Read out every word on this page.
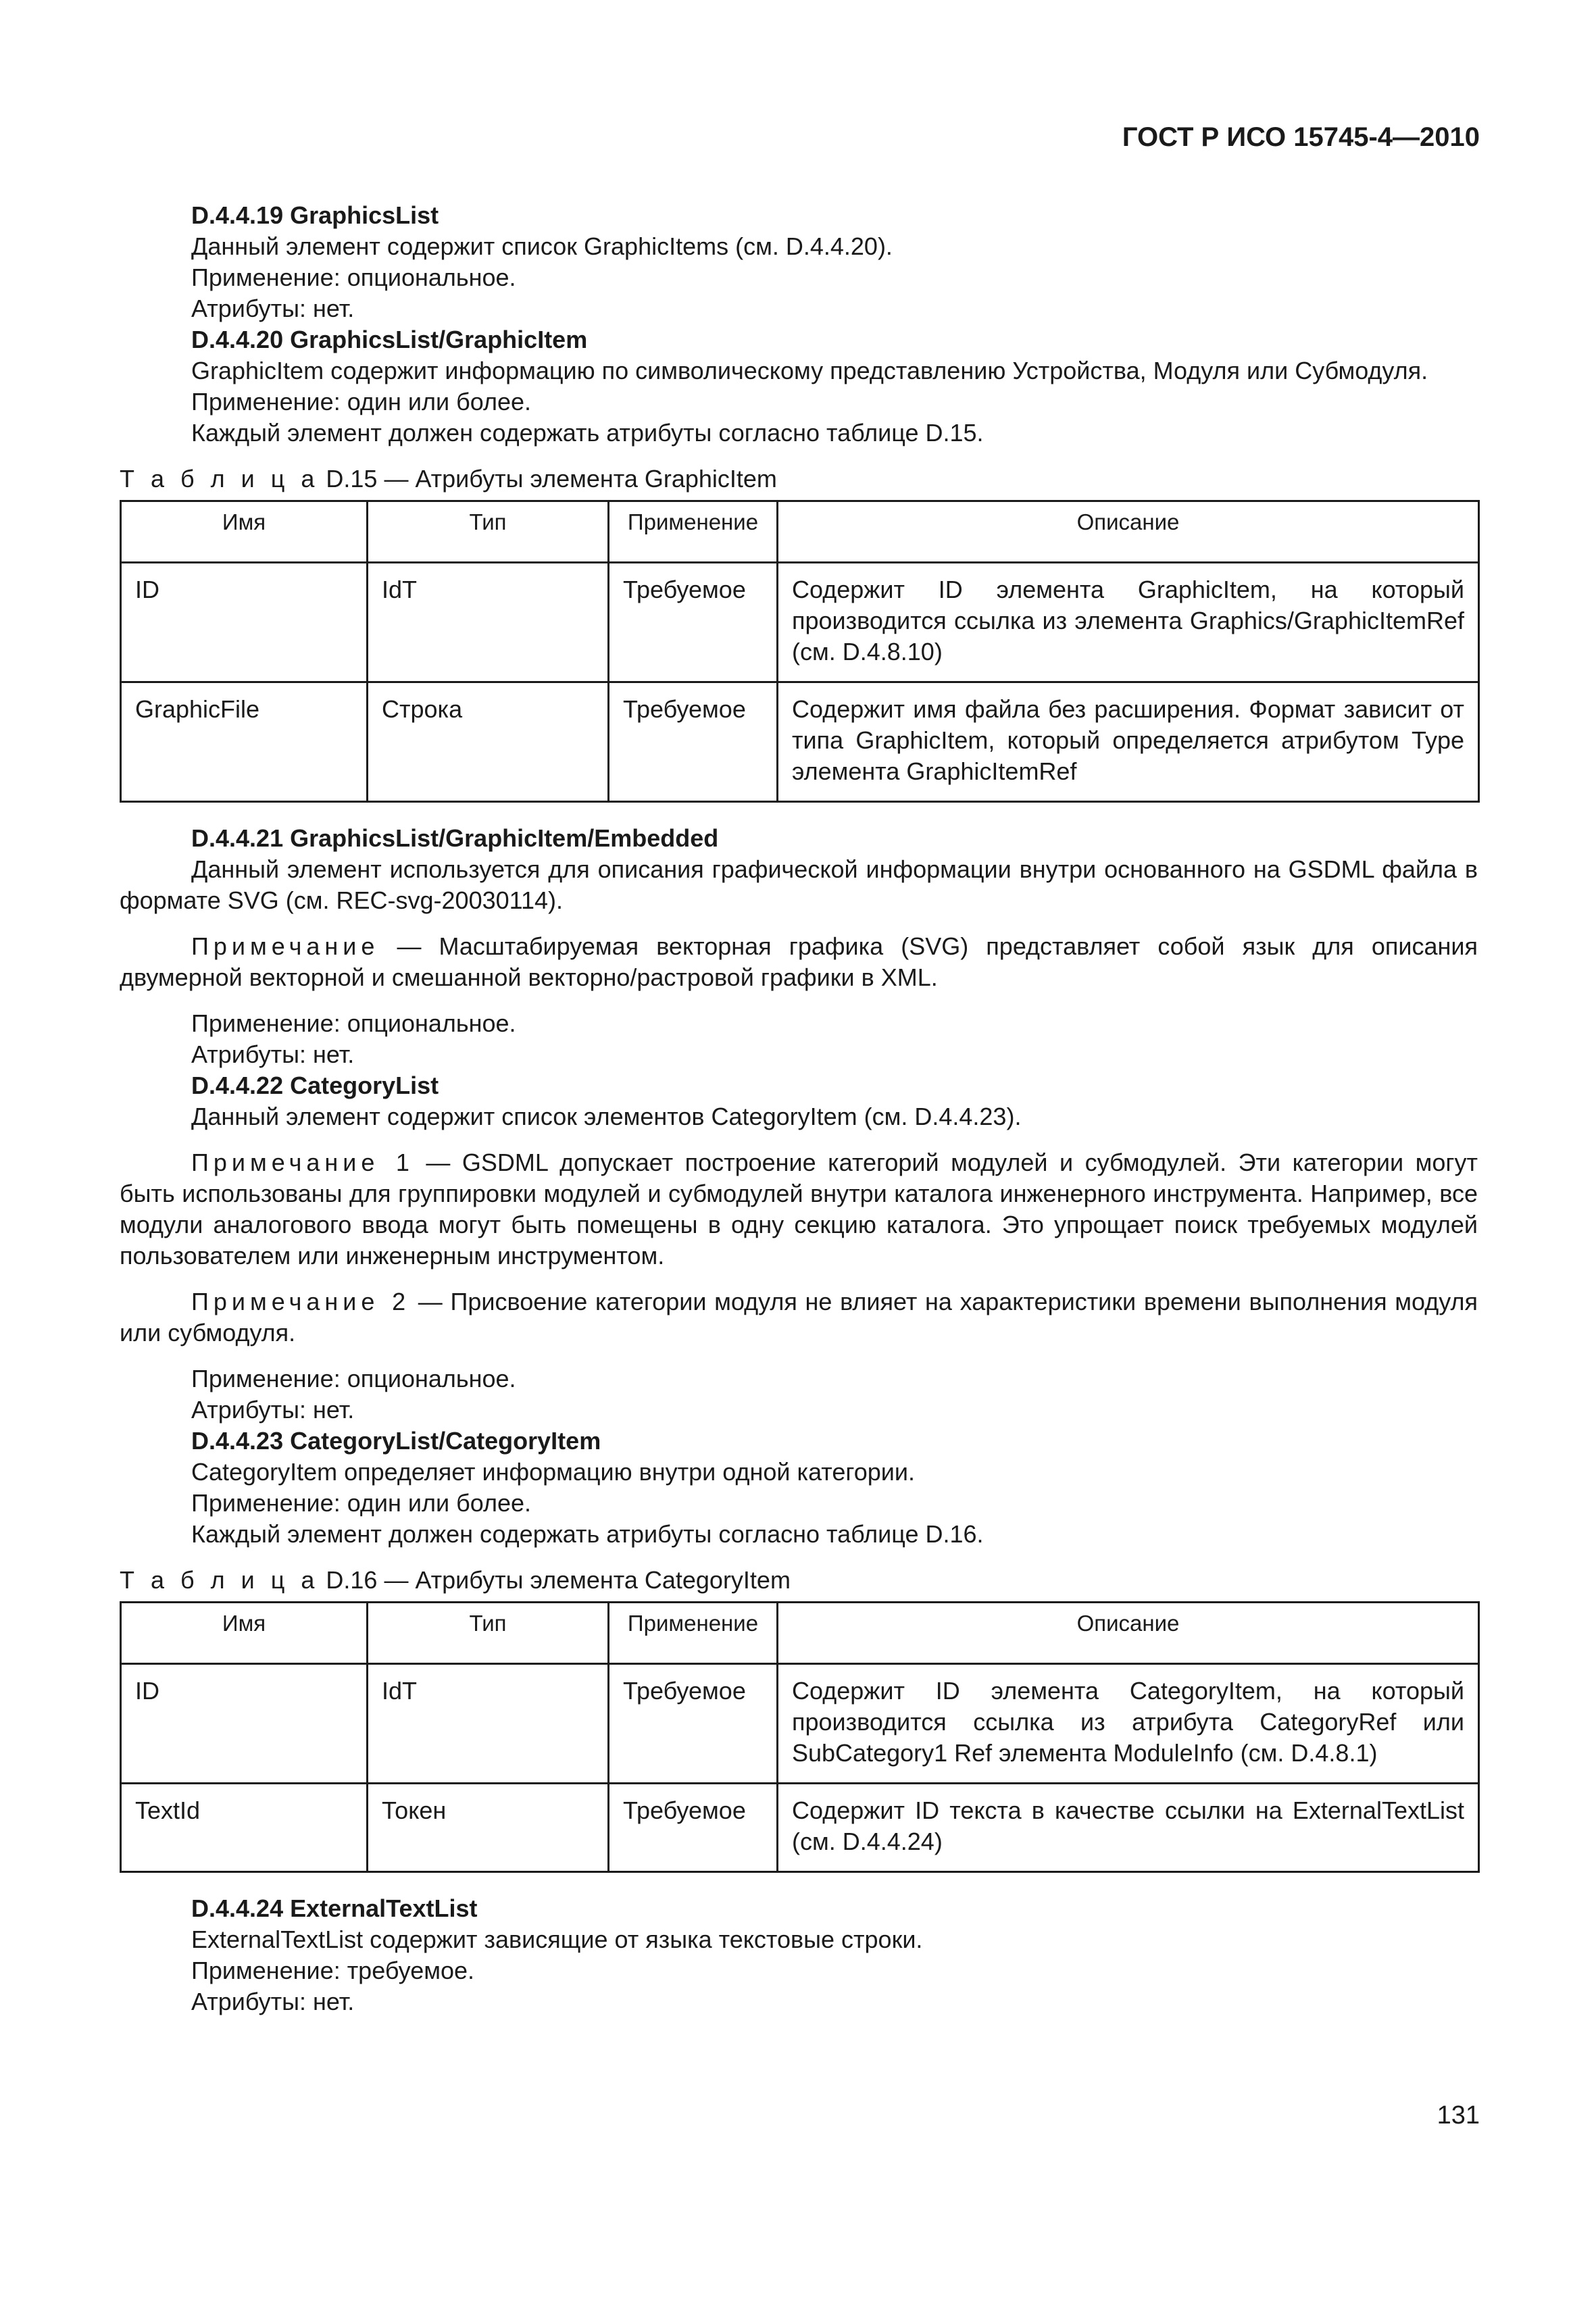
ГОСТ Р ИСО 15745-4—2010

D.4.4.19 GraphicsList

Данный элемент содержит список GraphicItems (см. D.4.4.20).

Применение: опциональное.

Атрибуты: нет.

D.4.4.20 GraphicsList/GraphicItem

GraphicItem содержит информацию по символическому представлению Устройства, Модуля или Субмодуля.

Применение: один или более.

Каждый элемент должен содержать атрибуты согласно таблице D.15.

Т а б л и ц а D.15 — Атрибуты элемента GraphicItem

Имя	Тип	Применение	Описание
ID	IdT	Требуемое	Содержит ID элемента GraphicItem, на который производится ссылка из элемента Graphics/GraphicItemRef (см. D.4.8.10)
GraphicFile	Строка	Требуемое	Содержит имя файла без расширения. Формат зависит от типа GraphicItem, который определяется атрибутом Type элемента GraphicItemRef

D.4.4.21 GraphicsList/GraphicItem/Embedded

Данный элемент используется для описания графической информации внутри основанного на GSDML файла в формате SVG (см. REC-svg-20030114).

Примечание — Масштабируемая векторная графика (SVG) представляет собой язык для описания двумерной векторной и смешанной векторно/растровой графики в XML.

Применение: опциональное.

Атрибуты: нет.

D.4.4.22 CategoryList

Данный элемент содержит список элементов CategoryItem (см. D.4.4.23).

Примечание 1 — GSDML допускает построение категорий модулей и субмодулей. Эти категории могут быть использованы для группировки модулей и субмодулей внутри каталога инженерного инструмента. Например, все модули аналогового ввода могут быть помещены в одну секцию каталога. Это упрощает поиск требуемых модулей пользователем или инженерным инструментом.

Примечание 2 — Присвоение категории модуля не влияет на характеристики времени выполнения модуля или субмодуля.

Применение: опциональное.

Атрибуты: нет.

D.4.4.23 CategoryList/CategoryItem

CategoryItem определяет информацию внутри одной категории.

Применение: один или более.

Каждый элемент должен содержать атрибуты согласно таблице D.16.

Т а б л и ц а D.16 — Атрибуты элемента CategoryItem

Имя	Тип	Применение	Описание
ID	IdT	Требуемое	Содержит ID элемента CategoryItem, на который производится ссылка из атрибута CategoryRef или SubCategory1 Ref элемента ModuleInfo (см. D.4.8.1)
TextId	Токен	Требуемое	Содержит ID текста в качестве ссылки на ExternalTextList (см. D.4.4.24)

D.4.4.24 ExternalTextList

ExternalTextList содержит зависящие от языка текстовые строки.

Применение: требуемое.

Атрибуты: нет.

131
